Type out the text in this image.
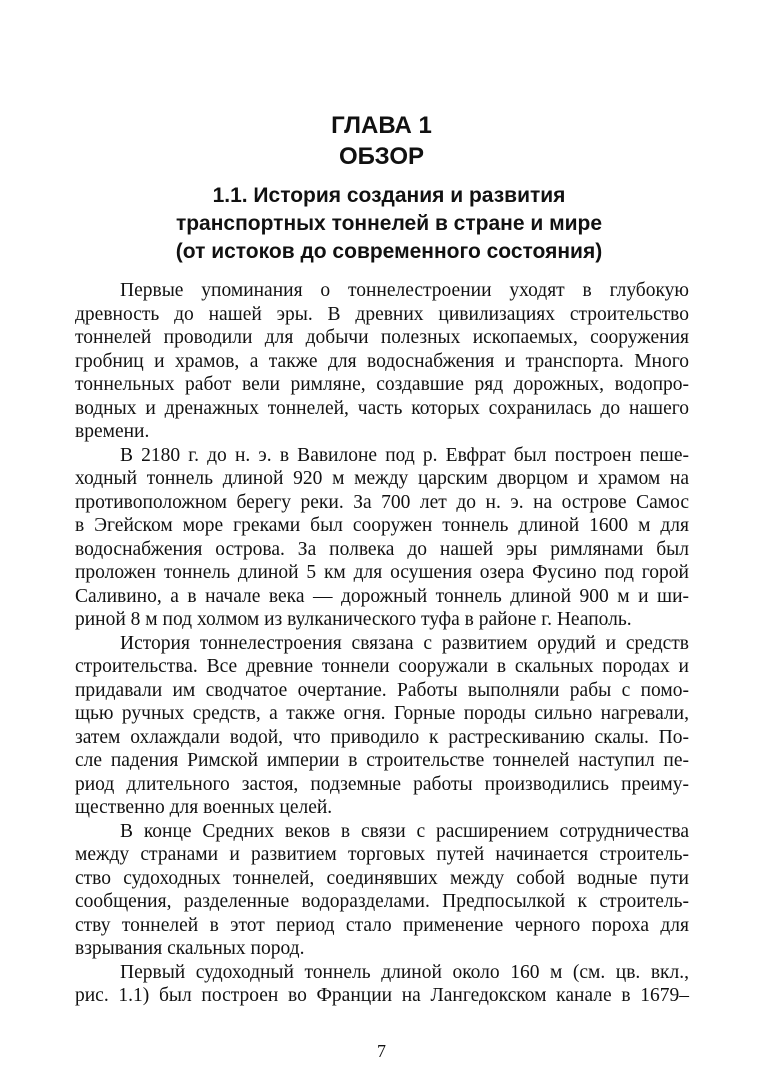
ГЛАВА 1
ОБЗОР
1.1. История создания и развития
транспортных тоннелей в стране и мире
(от истоков до современного состояния)
Первые упоминания о тоннелестроении уходят в глубокую
древность до нашей эры. В древних цивилизациях строительство
тоннелей проводили для добычи полезных ископаемых, сооружения
гробниц и храмов, а также для водоснабжения и транспорта. Много
тоннельных работ вели римляне, создавшие ряд дорожных, водопро-
водных и дренажных тоннелей, часть которых сохранилась до нашего
времени.
В 2180 г. до н. э. в Вавилоне под р. Евфрат был построен пеше-
ходный тоннель длиной 920 м между царским дворцом и храмом на
противоположном берегу реки. За 700 лет до н. э. на острове Самос
в Эгейском море греками был сооружен тоннель длиной 1600 м для
водоснабжения острова. За полвека до нашей эры римлянами был
проложен тоннель длиной 5 км для осушения озера Фусино под горой
Саливино, а в начале века — дорожный тоннель длиной 900 м и ши-
риной 8 м под холмом из вулканического туфа в районе г. Неаполь.
История тоннелестроения связана с развитием орудий и средств
строительства. Все древние тоннели сооружали в скальных породах и
придавали им сводчатое очертание. Работы выполняли рабы с помо-
щью ручных средств, а также огня. Горные породы сильно нагревали,
затем охлаждали водой, что приводило к растрескиванию скалы. По-
сле падения Римской империи в строительстве тоннелей наступил пе-
риод длительного застоя, подземные работы производились преиму-
щественно для военных целей.
В конце Средних веков в связи с расширением сотрудничества
между странами и развитием торговых путей начинается строитель-
ство судоходных тоннелей, соединявших между собой водные пути
сообщения, разделенные водоразделами. Предпосылкой к строитель-
ству тоннелей в этот период стало применение черного пороха для
взрывания скальных пород.
Первый судоходный тоннель длиной около 160 м (см. цв. вкл.,
рис. 1.1) был построен во Франции на Лангедокском канале в 1679–
7
